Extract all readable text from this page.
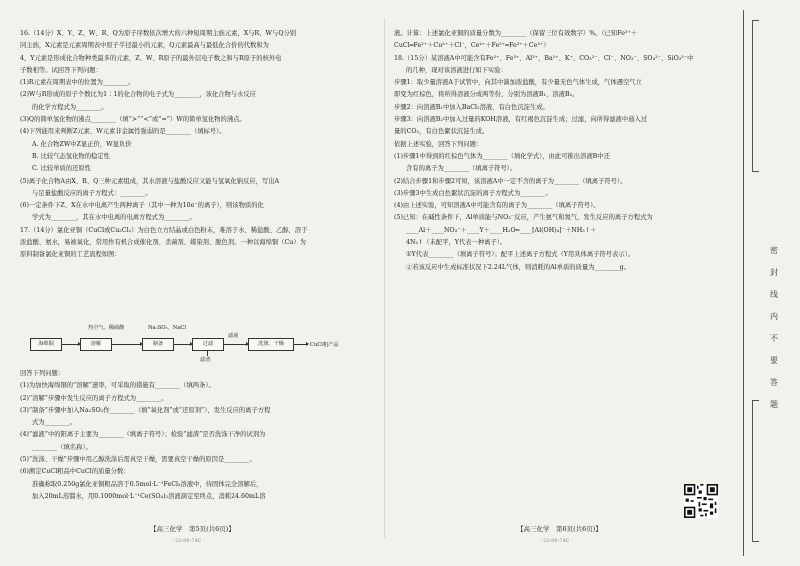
16.（14分）X、Y、Z、W、R、Q为原子序数依次增大的六种短周期主族元素，X与R、W与Q分别

同主族，X元素是元素周期表中原子半径最小的元素，Q元素最高与最低化合价的代数和为

4，Y元素是形成化合物种类最多的元素，Z、W、R原子的最外层电子数之和与R原子的核外电

子数相等。试回答下列问题：

(1)R元素在周期表中的位置为________。

(2)W与R形成的原子个数比为1∶1的化合物的电子式为________，该化合物与水反应

的化学方程式为________。

(3)Q的简单氢化物的沸点________（填“>”“<”或“=”）W的简单氢化物的沸点。

(4)下列能用来判断Z元素、W元素非金属性强弱的是________（填标号）。

A. 化合物ZW中Z显正价，W显负价

B. 比较气态氢化物的稳定性

C. 比较单质的还原性

(5)离子化合物A由X、R、Q三种元素组成，其水溶液与盐酸反应又能与氢氧化钠反应，写出A

与足量盐酸反应的离子方程式：________。

(6)一定条件下Z、X在水中电离产生两种离子（其中一种为10e⁻的离子），则该物质的化

学式为________，其在水中电离的电离方程式为________。

17.（14分）氯化亚铜（CuCl或Cu₂Cl₂）为白色立方结晶或白色粉末，难溶于水、稀盐酸、乙醇，溶于

浓盐酸、氨水，易被氧化，常用作有机合成催化剂、杀菌剂、媒染剂、脱色剂。一种以海绵铜（Cu）为

原料制备氯化亚铜的工艺流程如图：

热空气、稀硫酸	Na₂SO₃、NaCl
海绵铜	溶解	制备	过滤
滤液
洗涤、干燥	CuCl粗产品
滤渣

回答下列问题：

(1)为加快海绵铜的“溶解”速率，可采取的措施有________（填两条）。

(2)“溶解”步骤中发生反应的离子方程式为________。

(3)“制备”步骤中加入Na₂SO₃作________（填“氧化剂”或“还原剂”），发生反应的离子方程

式为________。

(4)“滤液”中的阳离子主要为________（填离子符号）；检验“滤渣”是否洗涤干净的试剂为

________（填名称）。

(5)“洗涤、干燥”步骤中用乙醇洗涤后需真空干燥，需要真空干燥的原因是________。

(6)测定CuCl粗品中CuCl的质量分数：

准确称取0.250g氯化亚铜粗品溶于0.5mol·L⁻¹FeCl₃溶液中，待固体完全溶解后，

加入20mL蒸馏水，用0.1000mol·L⁻¹Ce(SO₄)₂溶液滴定至终点，消耗24.60mL溶

液。计算：上述氯化亚铜的质量分数为________（保留三位有效数字）%。（已知Fe³⁺＋

CuCl═Fe²⁺＋Cu²⁺＋Cl⁻，Ce⁴⁺＋Fe²⁺═Fe³⁺＋Ce³⁺）

18.（15分）某溶液A中可能含有Fe²⁺、Fe³⁺、Al³⁺、Ba²⁺、K⁺、CO₃²⁻、Cl⁻、NO₃⁻、SO₄²⁻、SiO₃²⁻中

的几种，现对该溶液进行如下实验：

步骤1：取少量溶液A于试管中，向其中滴加浓盐酸，有少量无色气体生成，气体遇空气立

即变为红棕色，将所得溶液分成两等份，分别为溶液B₁、溶液B₂。

步骤2：向溶液B₁中加入BaCl₂溶液，有白色沉淀生成。

步骤3：向溶液B₂中加入过量的KOH溶液，有红褐色沉淀生成；过滤，向所得滤液中通入过

量的CO₂，有白色絮状沉淀生成。

依据上述实验，回答下列问题：

(1)步骤1中得到的红棕色气体为________（填化学式），由此可推出溶液B中还

含有的离子为________（填离子符号）。

(2)结合步骤1和步骤2可知，该溶液A中一定不含的离子为________（填离子符号）。

(3)步骤3中生成白色絮状沉淀的离子方程式为________。

(4)由上述实验，可知溶液A中可能含有的离子为________（填离子符号）。

(5)已知：在碱性条件下，Al单质能与NO₃⁻反应，产生氨气和氮气，发生反应的离子方程式为

____Al＋____NO₃⁻＋____Y＋____H₂O═____[Al(OH)₄]⁻＋NH₃↑＋

4N₂↑（未配平，Y代表一种离子）。

①Y代表________（填离子符号）；配平上述离子方程式（Y用具体离子符号表示）。

②若该反应中生成标准状况下2.24L气体，则消耗的Al单质的质量为________g。

【高三化学　第5页(共6页)】	【高三化学　第6页(共6页)】
· 22-08-74C ·	· 22-08-74C ·
密
封
线
内
不
要
答
题
